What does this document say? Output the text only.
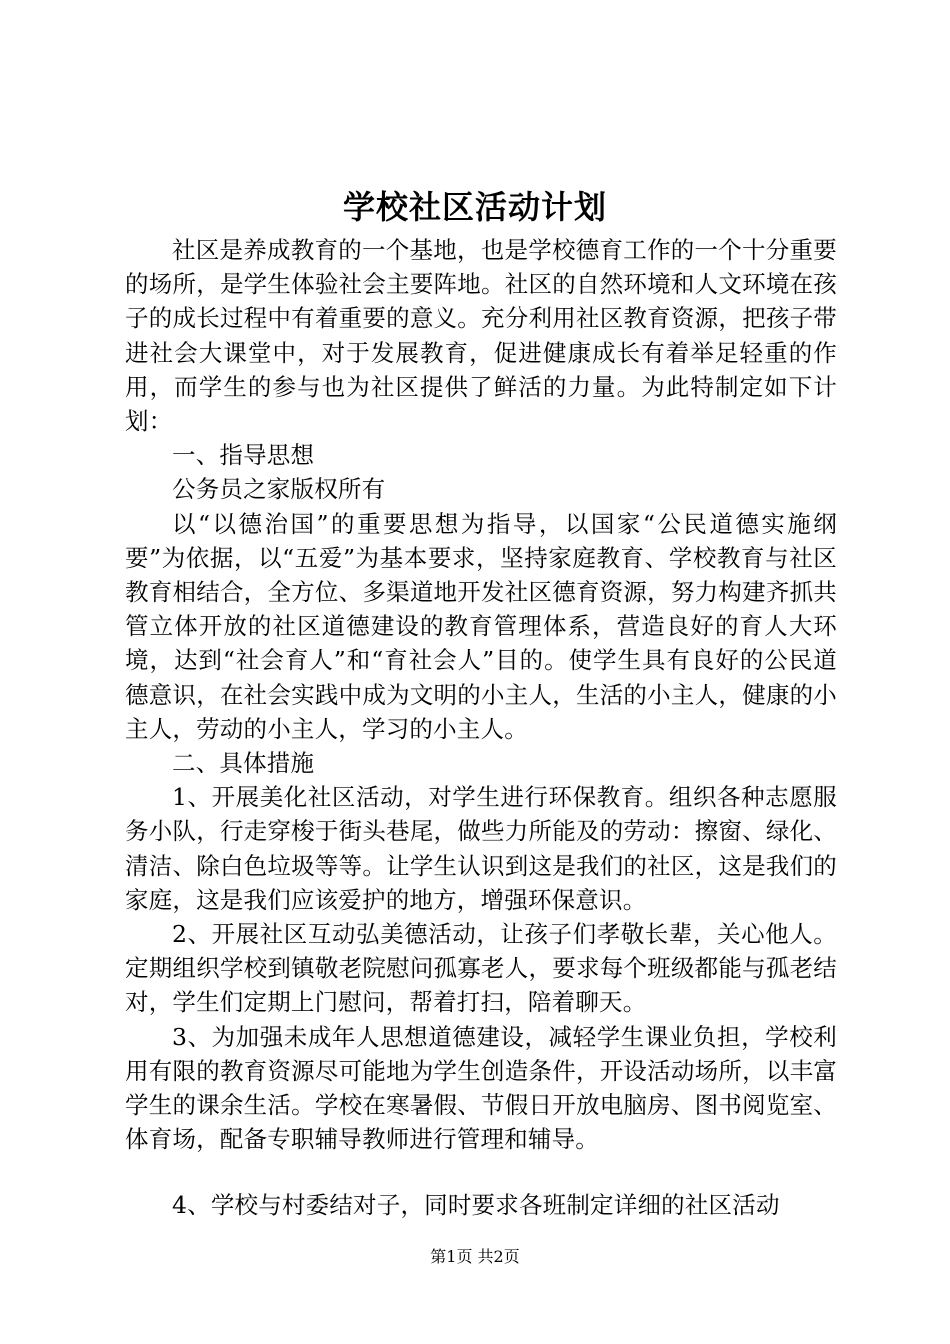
学校社区活动计划

社区是养成教育的一个基地，也是学校德育工作的一个十分重要的场所，是学生体验社会主要阵地。社区的自然环境和人文环境在孩子的成长过程中有着重要的意义。充分利用社区教育资源，把孩子带进社会大课堂中，对于发展教育，促进健康成长有着举足轻重的作用，而学生的参与也为社区提供了鲜活的力量。为此特制定如下计划：

一、指导思想

公务员之家版权所有

以“以德治国”的重要思想为指导，以国家“公民道德实施纲要”为依据，以“五爱”为基本要求，坚持家庭教育、学校教育与社区教育相结合，全方位、多渠道地开发社区德育资源，努力构建齐抓共管立体开放的社区道德建设的教育管理体系，营造良好的育人大环境，达到“社会育人”和“育社会人”目的。使学生具有良好的公民道德意识，在社会实践中成为文明的小主人，生活的小主人，健康的小主人，劳动的小主人，学习的小主人。

二、具体措施

1、开展美化社区活动，对学生进行环保教育。组织各种志愿服务小队，行走穿梭于街头巷尾，做些力所能及的劳动：擦窗、绿化、清洁、除白色垃圾等等。让学生认识到这是我们的社区，这是我们的家庭，这是我们应该爱护的地方，增强环保意识。

2、开展社区互动弘美德活动，让孩子们孝敬长辈，关心他人。定期组织学校到镇敬老院慰问孤寡老人，要求每个班级都能与孤老结对，学生们定期上门慰问，帮着打扫，陪着聊天。

3、为加强未成年人思想道德建设，减轻学生课业负担，学校利用有限的教育资源尽可能地为学生创造条件，开设活动场所，以丰富学生的课余生活。学校在寒暑假、节假日开放电脑房、图书阅览室、体育场，配备专职辅导教师进行管理和辅导。

4、学校与村委结对子，同时要求各班制定详细的社区活动

第1页 共2页
